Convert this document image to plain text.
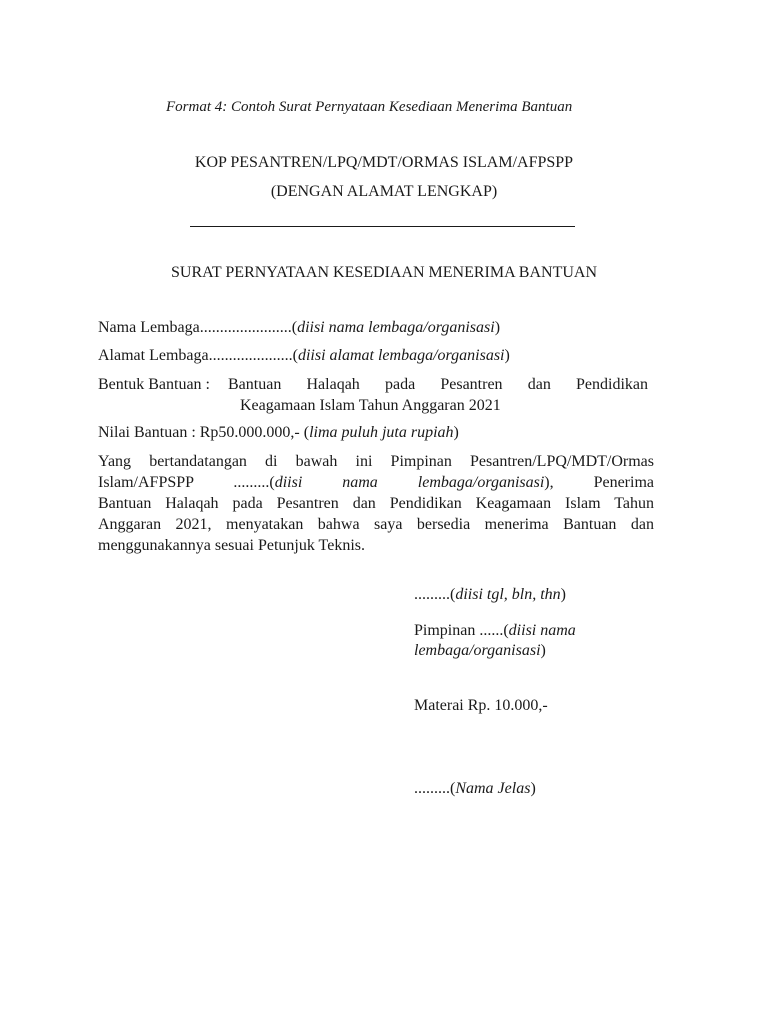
Format 4: Contoh Surat Pernyataan Kesediaan Menerima Bantuan
KOP PESANTREN/LPQ/MDT/ORMAS ISLAM/AFPSPP
(DENGAN ALAMAT LENGKAP)
SURAT PERNYATAAN KESEDIAAN MENERIMA BANTUAN
Nama Lembaga.......................(diisi nama lembaga/organisasi)
Alamat Lembaga.....................(diisi alamat lembaga/organisasi)
Bentuk Bantuan : Bantuan Halaqah pada Pesantren dan Pendidikan
Keagamaan Islam Tahun Anggaran 2021
Nilai Bantuan : Rp50.000.000,- (lima puluh juta rupiah)
Yang bertandatangan di bawah ini Pimpinan Pesantren/LPQ/MDT/Ormas
Islam/AFPSPP .........(diisi nama lembaga/organisasi), Penerima
Bantuan Halaqah pada Pesantren dan Pendidikan Keagamaan Islam Tahun
Anggaran 2021, menyatakan bahwa saya bersedia menerima Bantuan dan
menggunakannya sesuai Petunjuk Teknis.
.........(diisi tgl, bln, thn)
Pimpinan ......(diisi nama
lembaga/organisasi)
Materai Rp. 10.000,-
.........(Nama Jelas)
